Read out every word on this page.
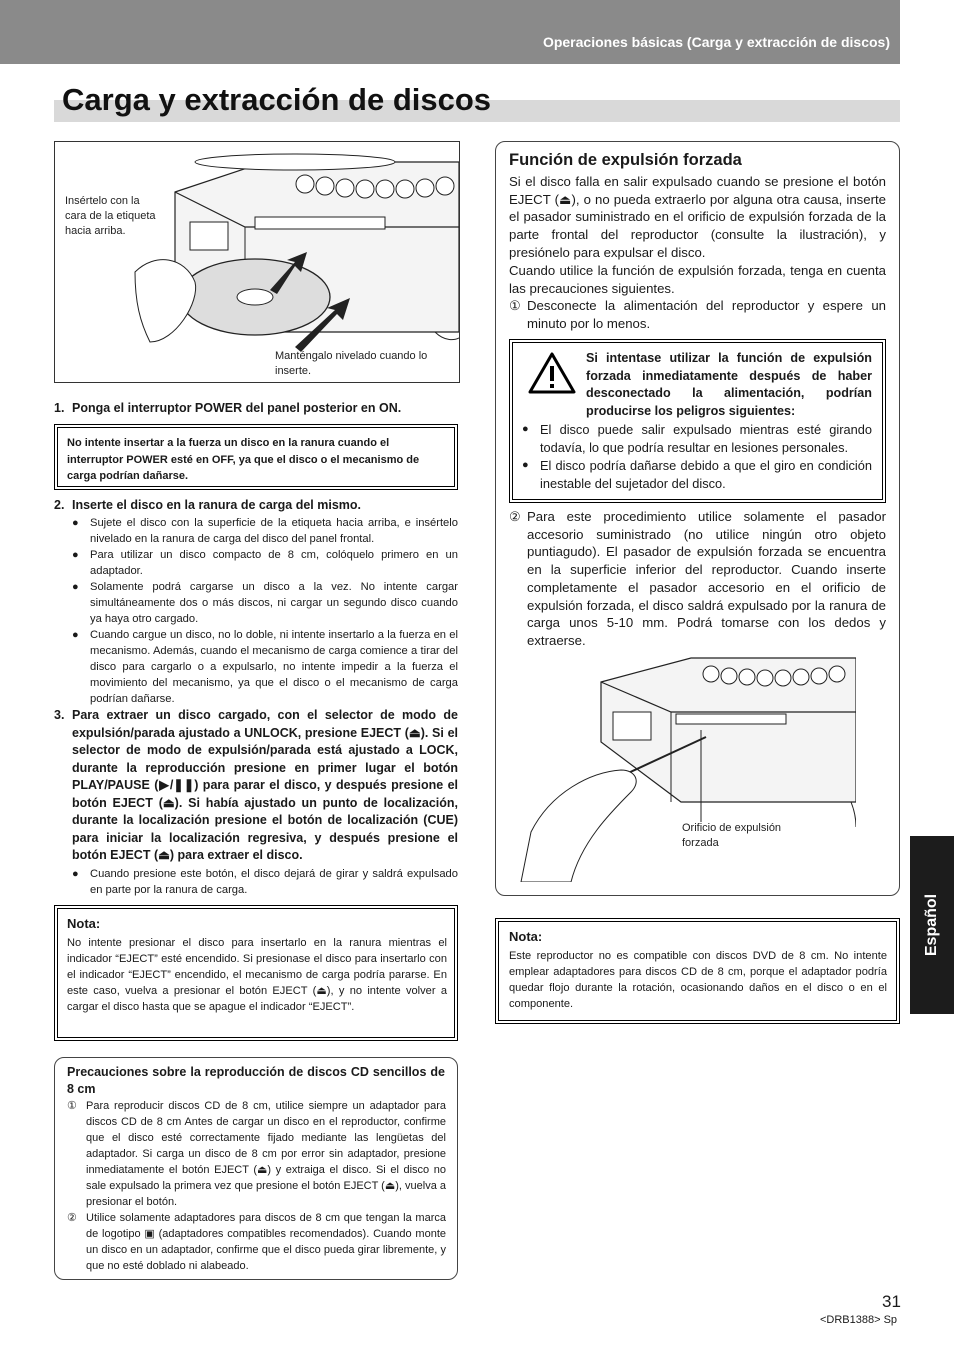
Operaciones básicas (Carga y extracción de discos)
Carga y extracción de discos
Insértelo con la
cara de la etiqueta
hacia arriba.
Manténgalo nivelado cuando lo
inserte.
1. Ponga el interruptor POWER del panel posterior en ON.
No intente insertar a la fuerza un disco en la ranura cuando el interruptor POWER esté en OFF, ya que el disco o el mecanismo de carga podrían dañarse.
2. Inserte el disco en la ranura de carga del mismo.
● Sujete el disco con la superficie de la etiqueta hacia arriba, e insértelo nivelado en la ranura de carga del disco del panel frontal.
● Para utilizar un disco compacto de 8 cm, colóquelo primero en un adaptador.
● Solamente podrá cargarse un disco a la vez. No intente cargar simultáneamente dos o más discos, ni cargar un segundo disco cuando ya haya otro cargado.
● Cuando cargue un disco, no lo doble, ni intente insertarlo a la fuerza en el mecanismo. Además, cuando el mecanismo de carga comience a tirar del disco para cargarlo o a expulsarlo, no intente impedir a la fuerza el movimiento del mecanismo, ya que el disco o el mecanismo de carga podrían dañarse.
3. Para extraer un disco cargado, con el selector de modo de expulsión/parada ajustado a UNLOCK, presione EJECT (⏏). Si el selector de modo de expulsión/parada está ajustado a LOCK, durante la reproducción presione en primer lugar el botón PLAY/PAUSE (▶/❚❚) para parar el disco, y después presione el botón EJECT (⏏). Si había ajustado un punto de localización, durante la localización presione el botón de localización (CUE) para iniciar la localización regresiva, y después presione el botón EJECT (⏏) para extraer el disco.
● Cuando presione este botón, el disco dejará de girar y saldrá expulsado en parte por la ranura de carga.
Nota:
No intente presionar el disco para insertarlo en la ranura mientras el indicador “EJECT” esté encendido. Si presionase el disco para insertarlo con el indicador “EJECT” encendido, el mecanismo de carga podría pararse. En este caso, vuelva a presionar el botón EJECT (⏏), y no intente volver a cargar el disco hasta que se apague el indicador “EJECT”.
Precauciones sobre la reproducción de discos CD sencillos de 8 cm
① Para reproducir discos CD de 8 cm, utilice siempre un adaptador para discos CD de 8 cm Antes de cargar un disco en el reproductor, confirme que el disco esté correctamente fijado mediante las lengüetas del adaptador. Si carga un disco de 8 cm por error sin adaptador, presione inmediatamente el botón EJECT (⏏) y extraiga el disco. Si el disco no sale expulsado la primera vez que presione el botón EJECT (⏏), vuelva a presionar el botón.
② Utilice solamente adaptadores para discos de 8 cm que tengan la marca de logotipo ▣ (adaptadores compatibles recomendados). Cuando monte un disco en un adaptador, confirme que el disco pueda girar libremente, y que no esté doblado ni alabeado.
Función de expulsión forzada
Si el disco falla en salir expulsado cuando se presione el botón EJECT (⏏), o no pueda extraerlo por alguna otra causa, inserte el pasador suministrado en el orificio de expulsión forzada de la parte frontal del reproductor (consulte la ilustración), y presiónelo para expulsar el disco.
Cuando utilice la función de expulsión forzada, tenga en cuenta las precauciones siguientes.
① Desconecte la alimentación del reproductor y espere un minuto por lo menos.
Si intentase utilizar la función de expulsión forzada inmediatamente después de haber desconectado la alimentación, podrían producirse los peligros siguientes:
● El disco puede salir expulsado mientras esté girando todavía, lo que podría resultar en lesiones personales.
● El disco podría dañarse debido a que el giro en condición inestable del sujetador del disco.
② Para este procedimiento utilice solamente el pasador accesorio suministrado (no utilice ningún otro objeto puntiagudo). El pasador de expulsión forzada se encuentra en la superficie inferior del reproductor. Cuando inserte completamente el pasador accesorio en el orificio de expulsión forzada, el disco saldrá expulsado por la ranura de carga unos 5-10 mm. Podrá tomarse con los dedos y extraerse.
Orificio de expulsión
forzada
Nota:
Este reproductor no es compatible con discos DVD de 8 cm. No intente emplear adaptadores para discos CD de 8 cm, porque el adaptador podría quedar flojo durante la rotación, ocasionando daños en el disco o en el componente.
Español
31
<DRB1388> Sp
